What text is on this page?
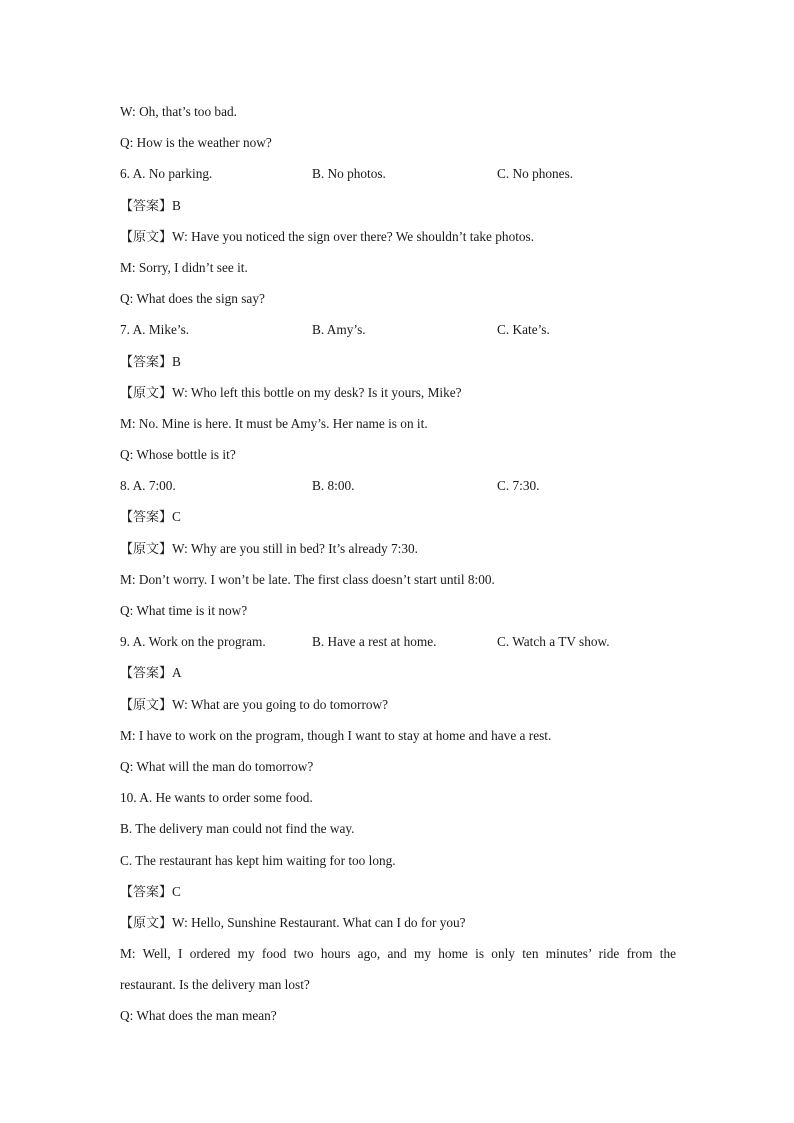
W: Oh, that’s too bad.
Q: How is the weather now?
6. A. No parking.	B. No photos.	C. No phones.
【答案】B
【原文】W: Have you noticed the sign over there? We shouldn’t take photos.
M: Sorry, I didn’t see it.
Q: What does the sign say?
7. A. Mike’s.	B. Amy’s.	C. Kate’s.
【答案】B
【原文】W: Who left this bottle on my desk? Is it yours, Mike?
M: No. Mine is here. It must be Amy’s. Her name is on it.
Q: Whose bottle is it?
8. A. 7:00.	B. 8:00.	C. 7:30.
【答案】C
【原文】W: Why are you still in bed? It’s already 7:30.
M: Don’t worry. I won’t be late. The first class doesn’t start until 8:00.
Q: What time is it now?
9. A. Work on the program.	B. Have a rest at home.	C. Watch a TV show.
【答案】A
【原文】W: What are you going to do tomorrow?
M: I have to work on the program, though I want to stay at home and have a rest.
Q: What will the man do tomorrow?
10. A. He wants to order some food.
B. The delivery man could not find the way.
C. The restaurant has kept him waiting for too long.
【答案】C
【原文】W: Hello, Sunshine Restaurant. What can I do for you?
M: Well, I ordered my food two hours ago, and my home is only ten minutes’ ride from the
restaurant. Is the delivery man lost?
Q: What does the man mean?
